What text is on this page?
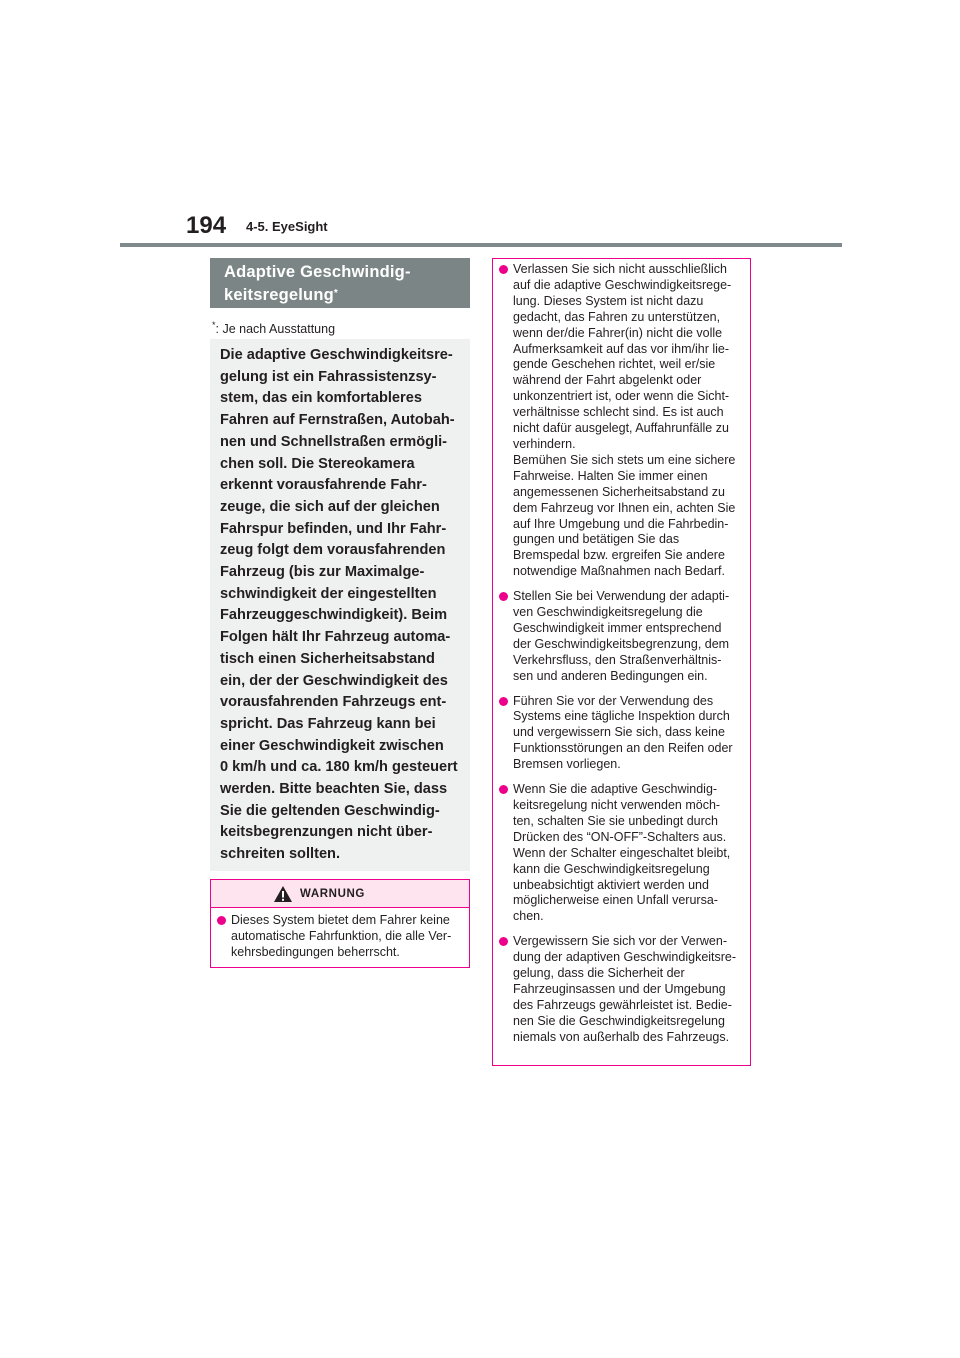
194 4-5. EyeSight
Adaptive Geschwindig-
keitsregelung*
*: Je nach Ausstattung

Die adaptive Geschwindigkeitsre-
gelung ist ein Fahrassistenzsy-
stem, das ein komfortableres
Fahren auf Fernstraßen, Autobah-
nen und Schnellstraßen ermögli-
chen soll. Die Stereokamera
erkennt vorausfahrende Fahr-
zeuge, die sich auf der gleichen
Fahrspur befinden, und Ihr Fahr-
zeug folgt dem vorausfahrenden
Fahrzeug (bis zur Maximalge-
schwindigkeit der eingestellten
Fahrzeuggeschwindigkeit). Beim
Folgen hält Ihr Fahrzeug automa-
tisch einen Sicherheitsabstand
ein, der der Geschwindigkeit des
vorausfahrenden Fahrzeugs ent-
spricht. Das Fahrzeug kann bei
einer Geschwindigkeit zwischen
0 km/h und ca. 180 km/h gesteuert
werden. Bitte beachten Sie, dass
Sie die geltenden Geschwindig-
keitsbegrenzungen nicht über-
schreiten sollten.

WARNUNG

Dieses System bietet dem Fahrer keine
automatische Fahrfunktion, die alle Ver-
kehrsbedingungen beherrscht.

Verlassen Sie sich nicht ausschließlich
auf die adaptive Geschwindigkeitsrege-
lung. Dieses System ist nicht dazu
gedacht, das Fahren zu unterstützen,
wenn der/die Fahrer(in) nicht die volle
Aufmerksamkeit auf das vor ihm/ihr lie-
gende Geschehen richtet, weil er/sie
während der Fahrt abgelenkt oder
unkonzentriert ist, oder wenn die Sicht-
verhältnisse schlecht sind. Es ist auch
nicht dafür ausgelegt, Auffahrunfälle zu
verhindern.
Bemühen Sie sich stets um eine sichere
Fahrweise. Halten Sie immer einen
angemessenen Sicherheitsabstand zu
dem Fahrzeug vor Ihnen ein, achten Sie
auf Ihre Umgebung und die Fahrbedin-
gungen und betätigen Sie das
Bremspedal bzw. ergreifen Sie andere
notwendige Maßnahmen nach Bedarf.

Stellen Sie bei Verwendung der adapti-
ven Geschwindigkeitsregelung die
Geschwindigkeit immer entsprechend
der Geschwindigkeitsbegrenzung, dem
Verkehrsfluss, den Straßenverhältnis-
sen und anderen Bedingungen ein.

Führen Sie vor der Verwendung des
Systems eine tägliche Inspektion durch
und vergewissern Sie sich, dass keine
Funktionsstörungen an den Reifen oder
Bremsen vorliegen.

Wenn Sie die adaptive Geschwindig-
keitsregelung nicht verwenden möch-
ten, schalten Sie sie unbedingt durch
Drücken des “ON-OFF”-Schalters aus.
Wenn der Schalter eingeschaltet bleibt,
kann die Geschwindigkeitsregelung
unbeabsichtigt aktiviert werden und
möglicherweise einen Unfall verursa-
chen.

Vergewissern Sie sich vor der Verwen-
dung der adaptiven Geschwindigkeitsre-
gelung, dass die Sicherheit der
Fahrzeuginsassen und der Umgebung
des Fahrzeugs gewährleistet ist. Bedie-
nen Sie die Geschwindigkeitsregelung
niemals von außerhalb des Fahrzeugs.
